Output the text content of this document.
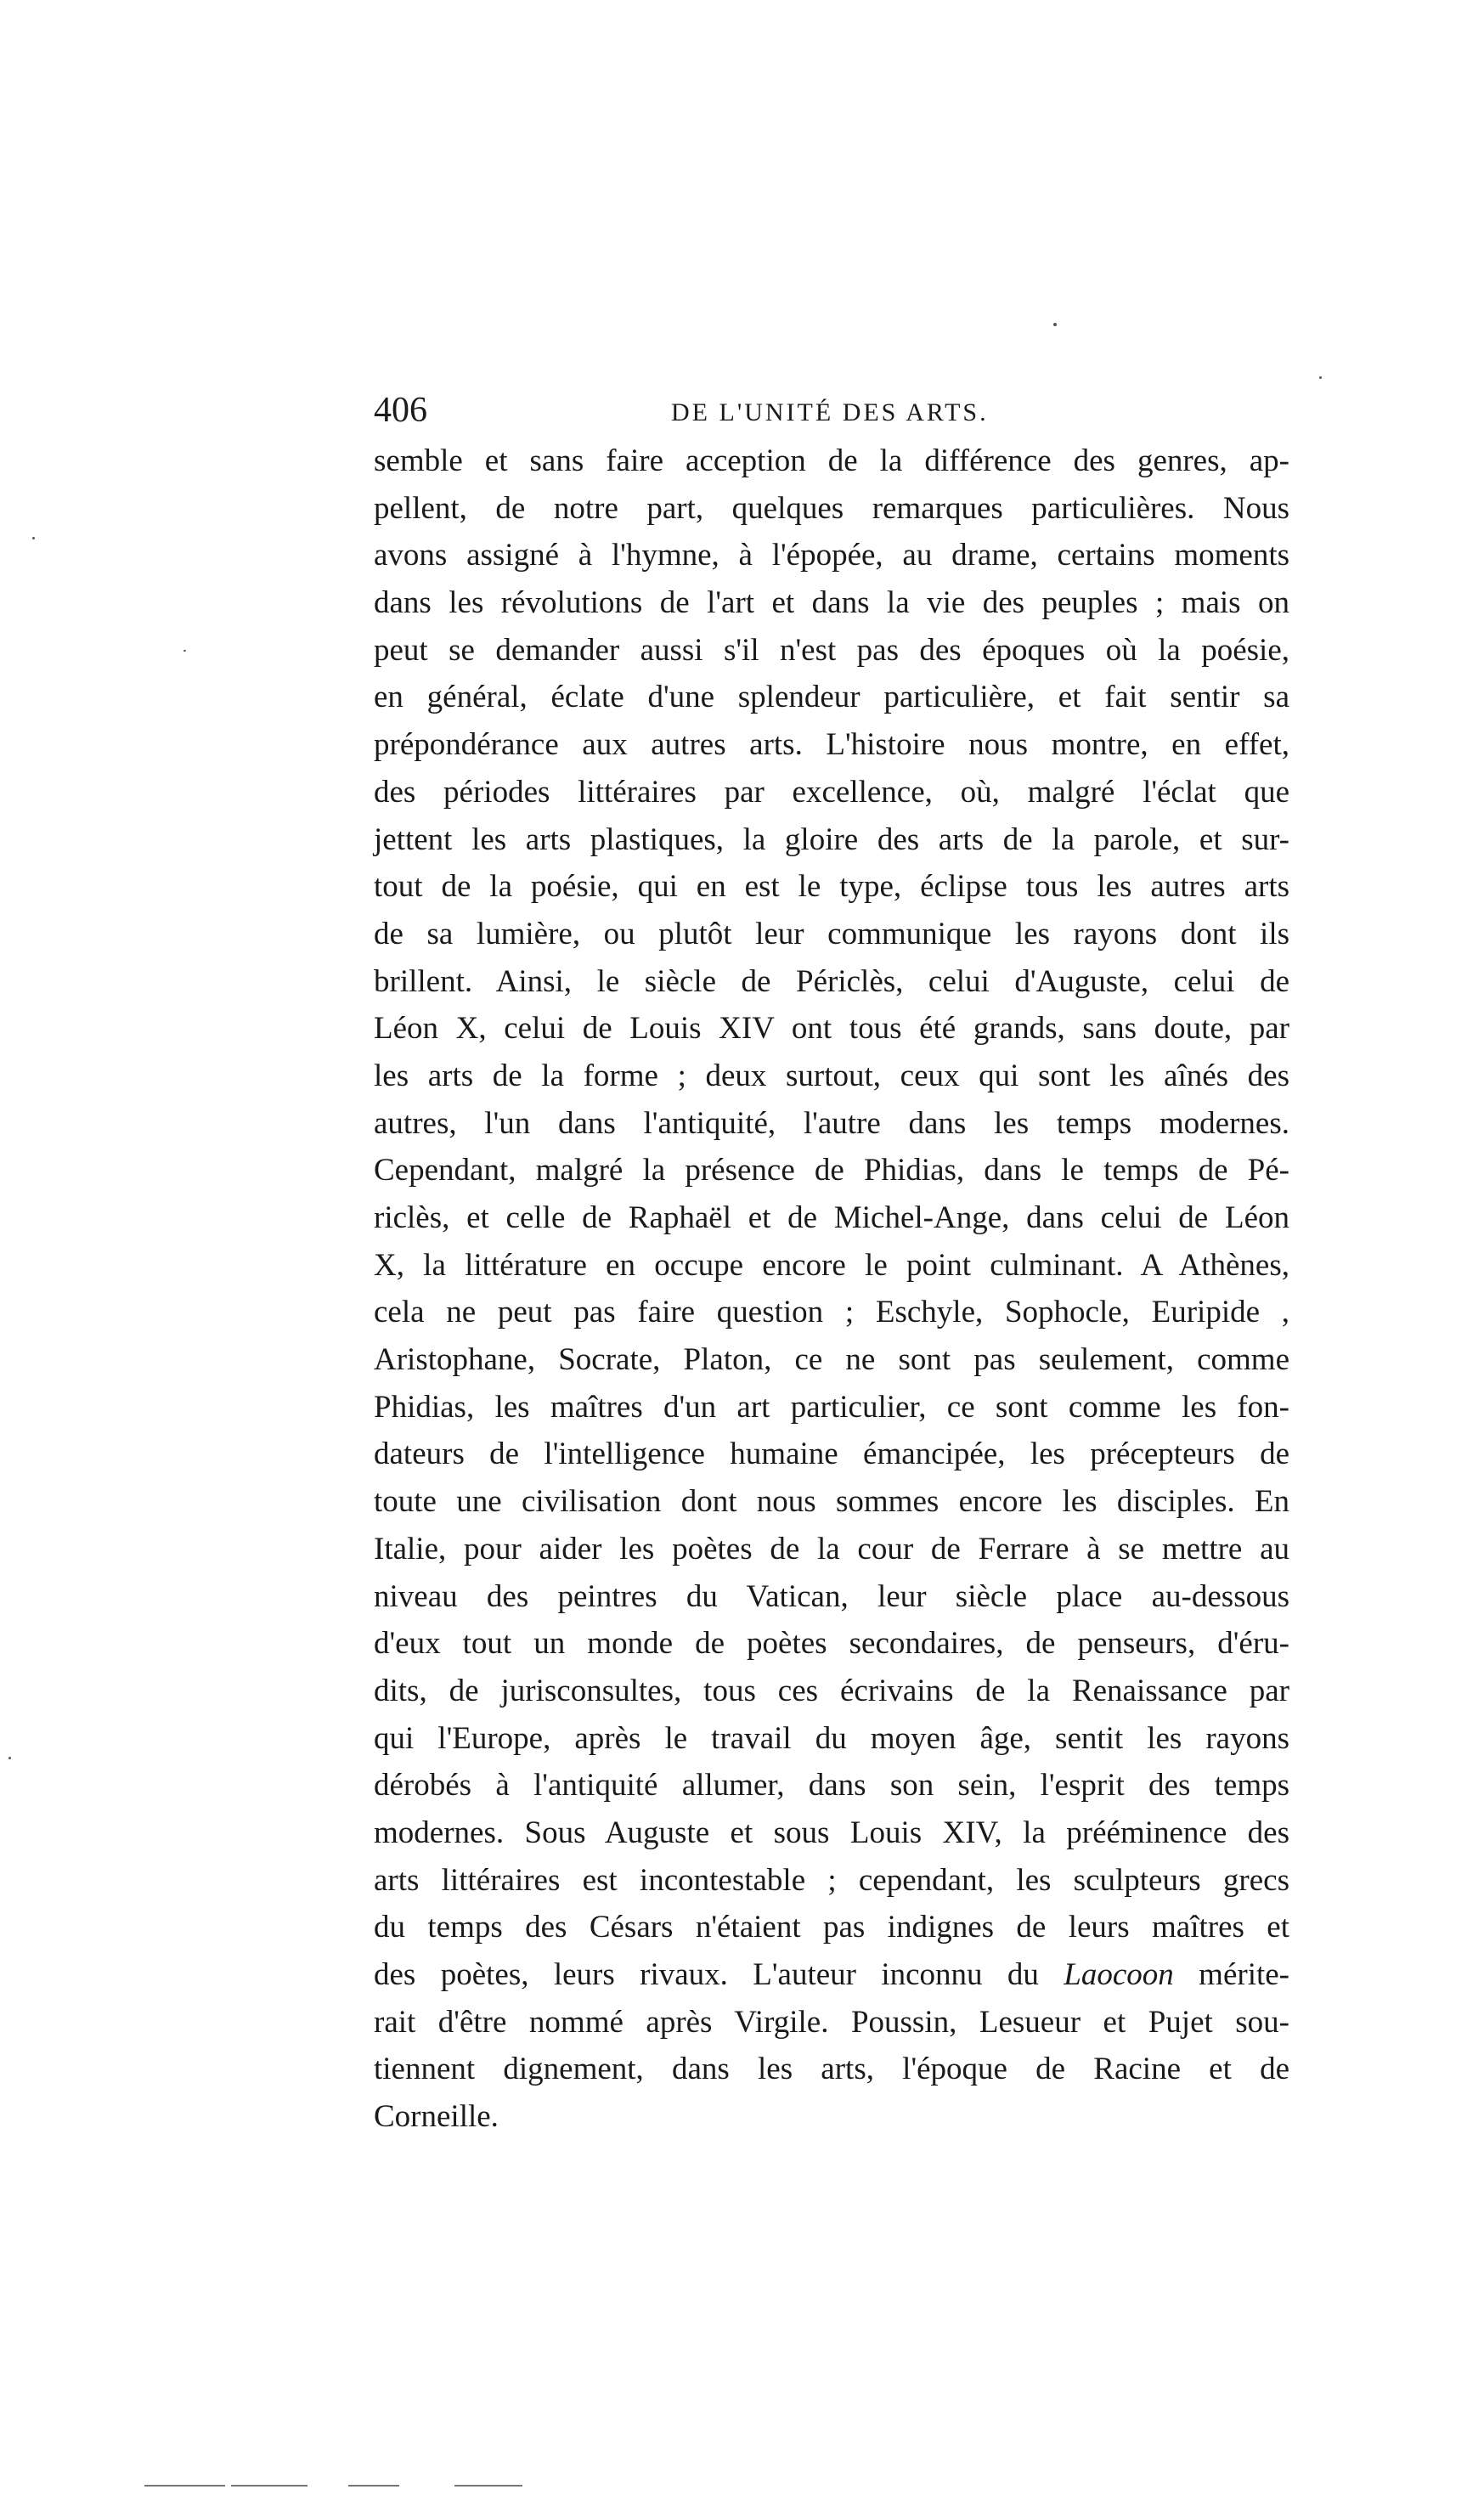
406	DE L'UNITÉ DES ARTS.
semble et sans faire acception de la différence des genres, ap-
pellent, de notre part, quelques remarques particulières. Nous
avons assigné à l'hymne, à l'épopée, au drame, certains moments
dans les révolutions de l'art et dans la vie des peuples ; mais on
peut se demander aussi s'il n'est pas des époques où la poésie,
en général, éclate d'une splendeur particulière, et fait sentir sa
prépondérance aux autres arts. L'histoire nous montre, en effet,
des périodes littéraires par excellence, où, malgré l'éclat que
jettent les arts plastiques, la gloire des arts de la parole, et sur-
tout de la poésie, qui en est le type, éclipse tous les autres arts
de sa lumière, ou plutôt leur communique les rayons dont ils
brillent. Ainsi, le siècle de Périclès, celui d'Auguste, celui de
Léon X, celui de Louis XIV ont tous été grands, sans doute, par
les arts de la forme ; deux surtout, ceux qui sont les aînés des
autres, l'un dans l'antiquité, l'autre dans les temps modernes.
Cependant, malgré la présence de Phidias, dans le temps de Pé-
riclès, et celle de Raphaël et de Michel-Ange, dans celui de Léon
X, la littérature en occupe encore le point culminant. A Athènes,
cela ne peut pas faire question ; Eschyle, Sophocle, Euripide ,
Aristophane, Socrate, Platon, ce ne sont pas seulement, comme
Phidias, les maîtres d'un art particulier, ce sont comme les fon-
dateurs de l'intelligence humaine émancipée, les précepteurs de
toute une civilisation dont nous sommes encore les disciples. En
Italie, pour aider les poètes de la cour de Ferrare à se mettre au
niveau des peintres du Vatican, leur siècle place au-dessous
d'eux tout un monde de poètes secondaires, de penseurs, d'éru-
dits, de jurisconsultes, tous ces écrivains de la Renaissance par
qui l'Europe, après le travail du moyen âge, sentit les rayons
dérobés à l'antiquité allumer, dans son sein, l'esprit des temps
modernes. Sous Auguste et sous Louis XIV, la prééminence des
arts littéraires est incontestable ; cependant, les sculpteurs grecs
du temps des Césars n'étaient pas indignes de leurs maîtres et
des poètes, leurs rivaux. L'auteur inconnu du Laocoon mérite-
rait d'être nommé après Virgile. Poussin, Lesueur et Pujet sou-
tiennent dignement, dans les arts, l'époque de Racine et de
Corneille.
